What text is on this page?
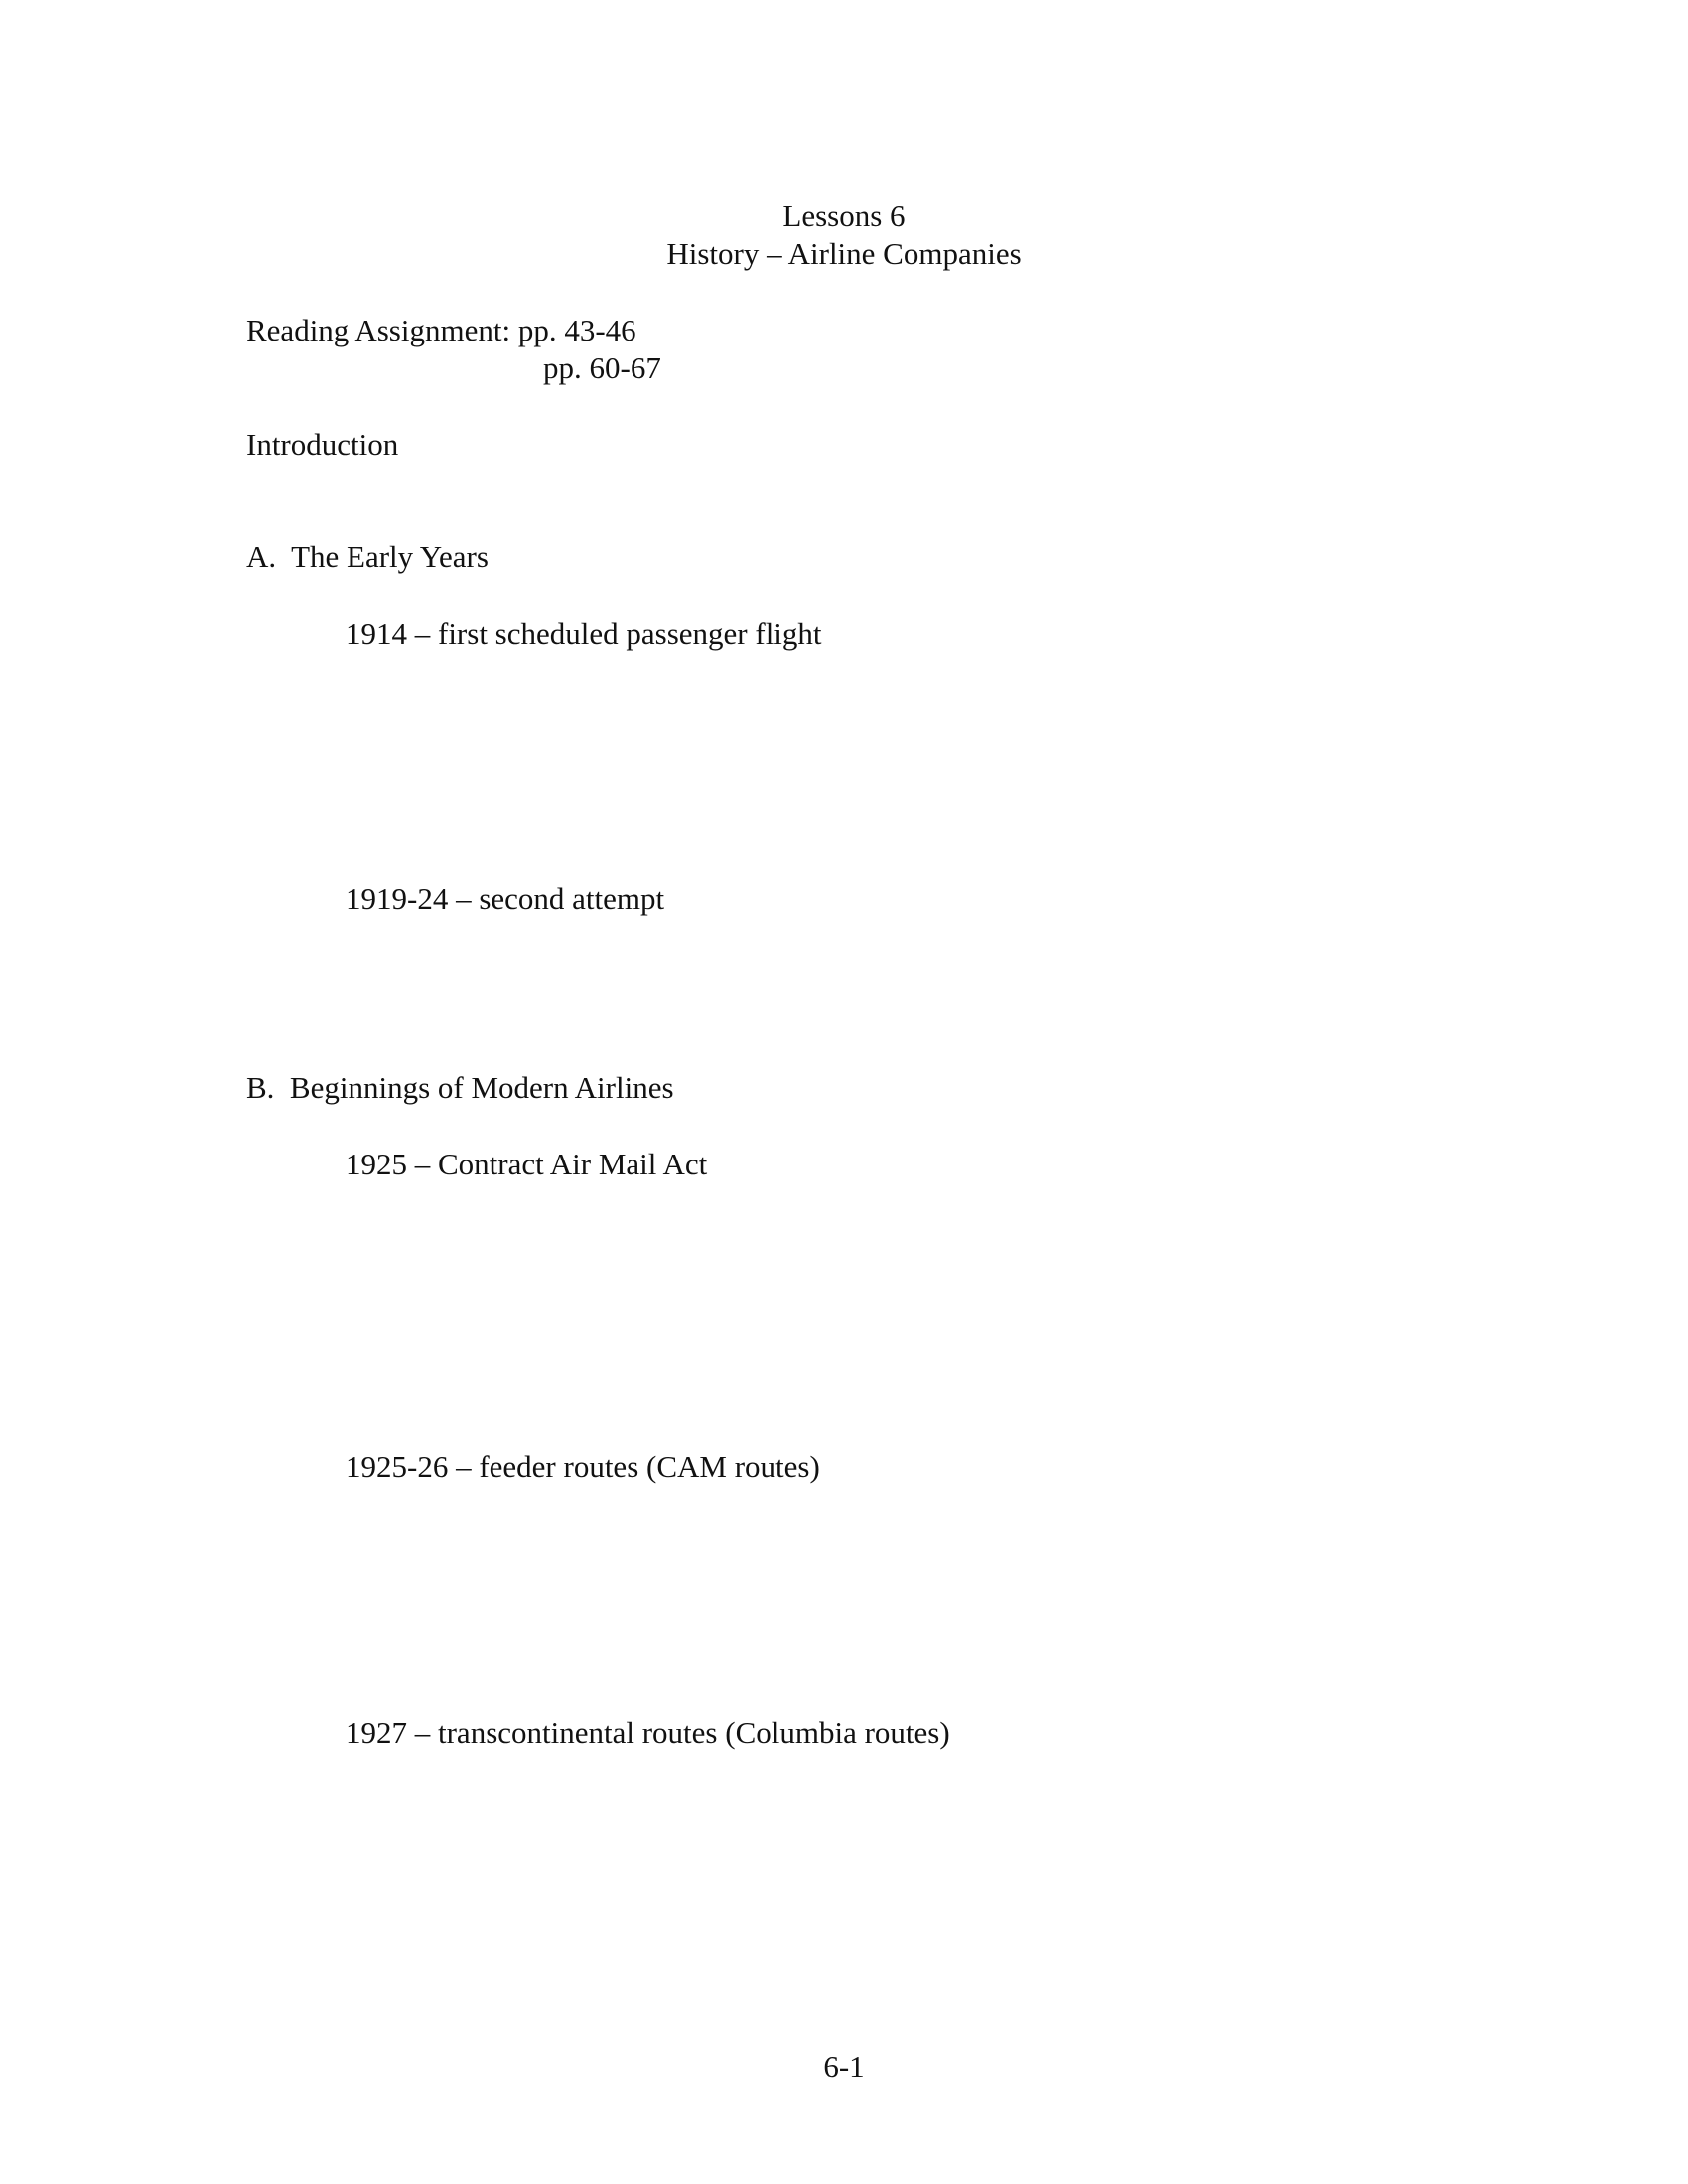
Lessons 6
History – Airline Companies
Reading Assignment: pp. 43-46
pp. 60-67
Introduction
A.  The Early Years
1914 – first scheduled passenger flight
1919-24 – second attempt
B.  Beginnings of Modern Airlines
1925 – Contract Air Mail Act
1925-26 – feeder routes (CAM routes)
1927 – transcontinental routes (Columbia routes)
6-1
